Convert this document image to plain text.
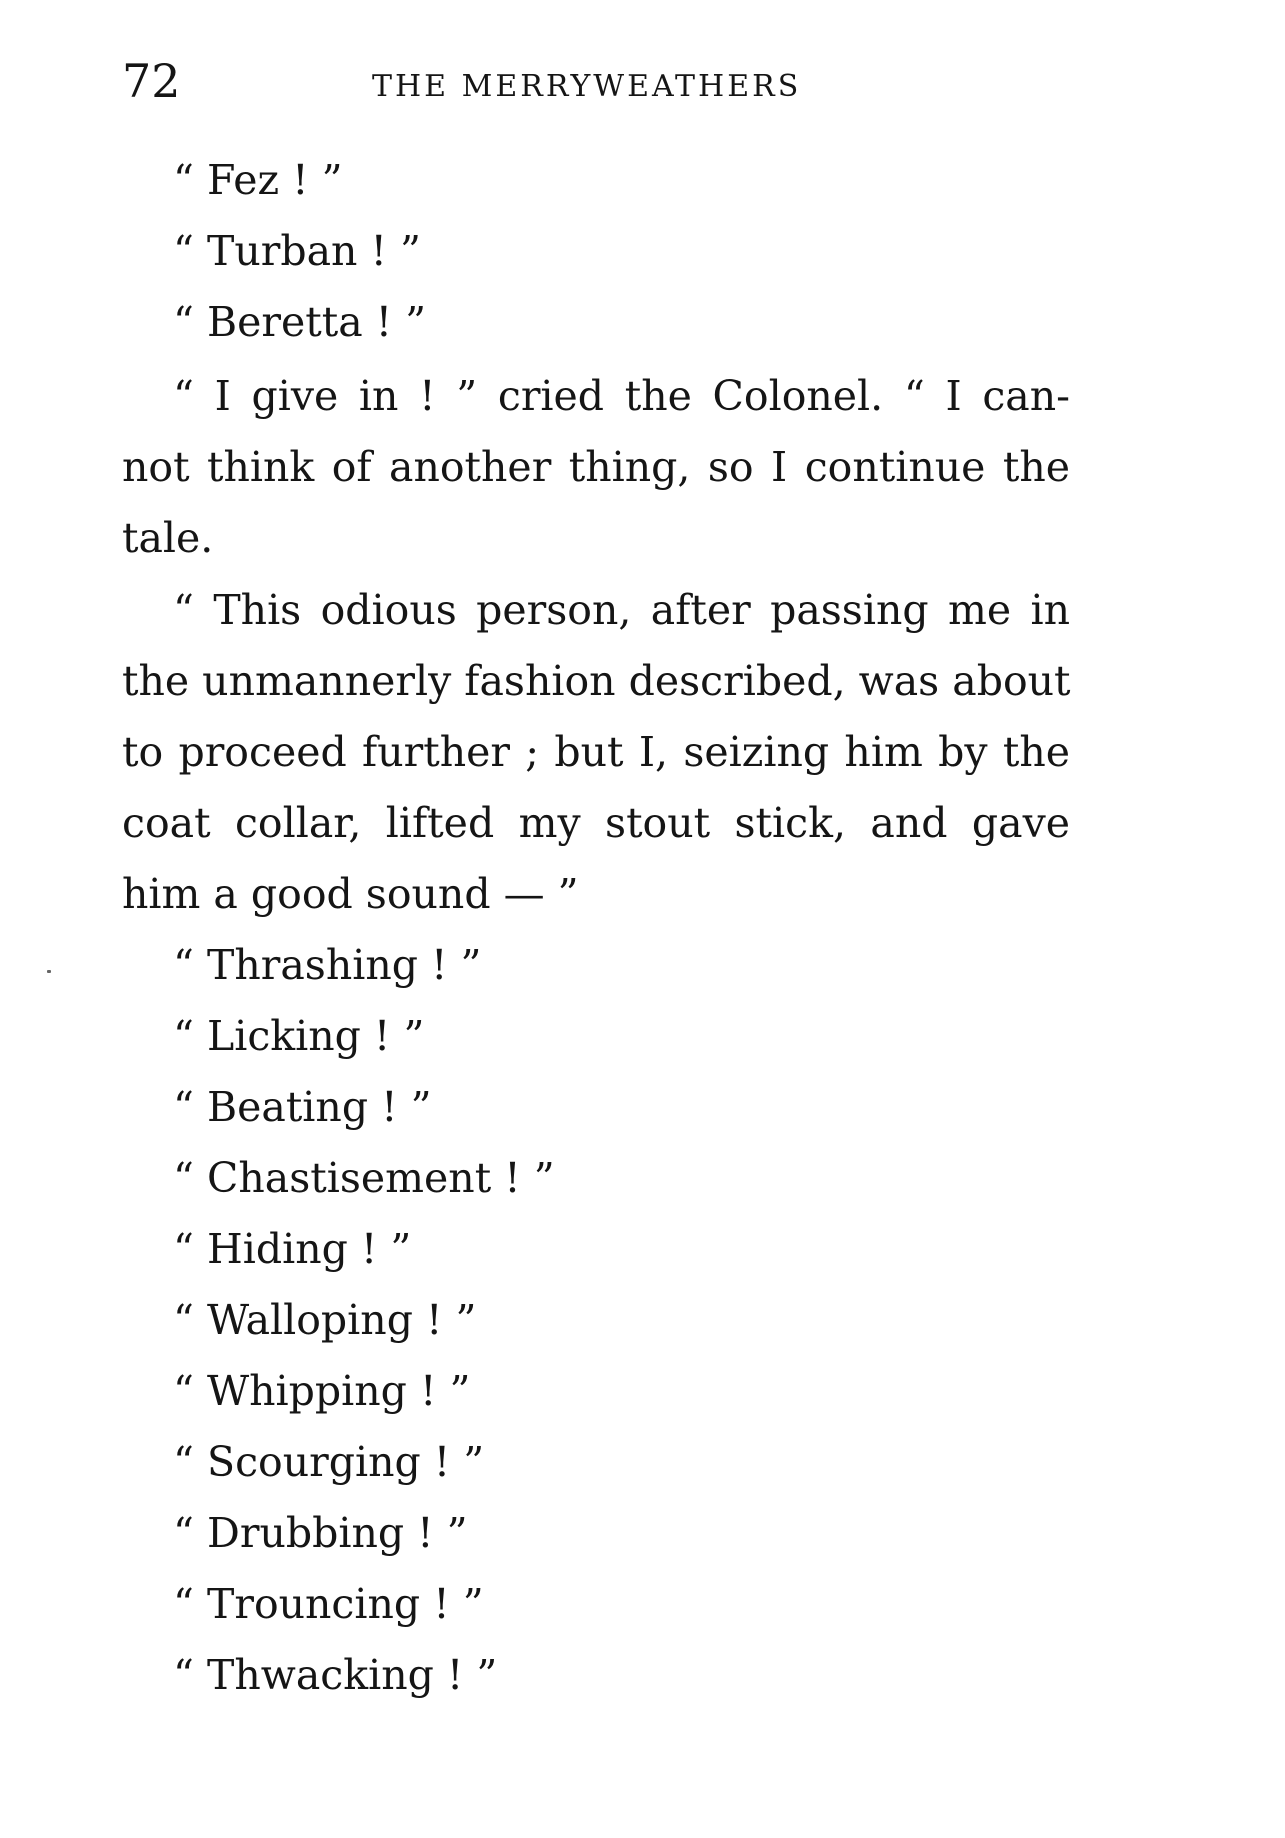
72	THE MERRYWEATHERS
“ Fez ! ”
“ Turban ! ”
“ Beretta ! ”
“ I give in ! ” cried the Colonel. “ I can-
not think of another thing, so I continue the
tale.
“ This odious person, after passing me in
the unmannerly fashion described, was about
to proceed further ; but I, seizing him by the
coat collar, lifted my stout stick, and gave
him a good sound — ”
“ Thrashing ! ”
“ Licking ! ”
“ Beating ! ”
“ Chastisement ! ”
“ Hiding ! ”
“ Walloping ! ”
“ Whipping ! ”
“ Scourging ! ”
“ Drubbing ! ”
“ Trouncing ! ”
“ Thwacking ! ”
